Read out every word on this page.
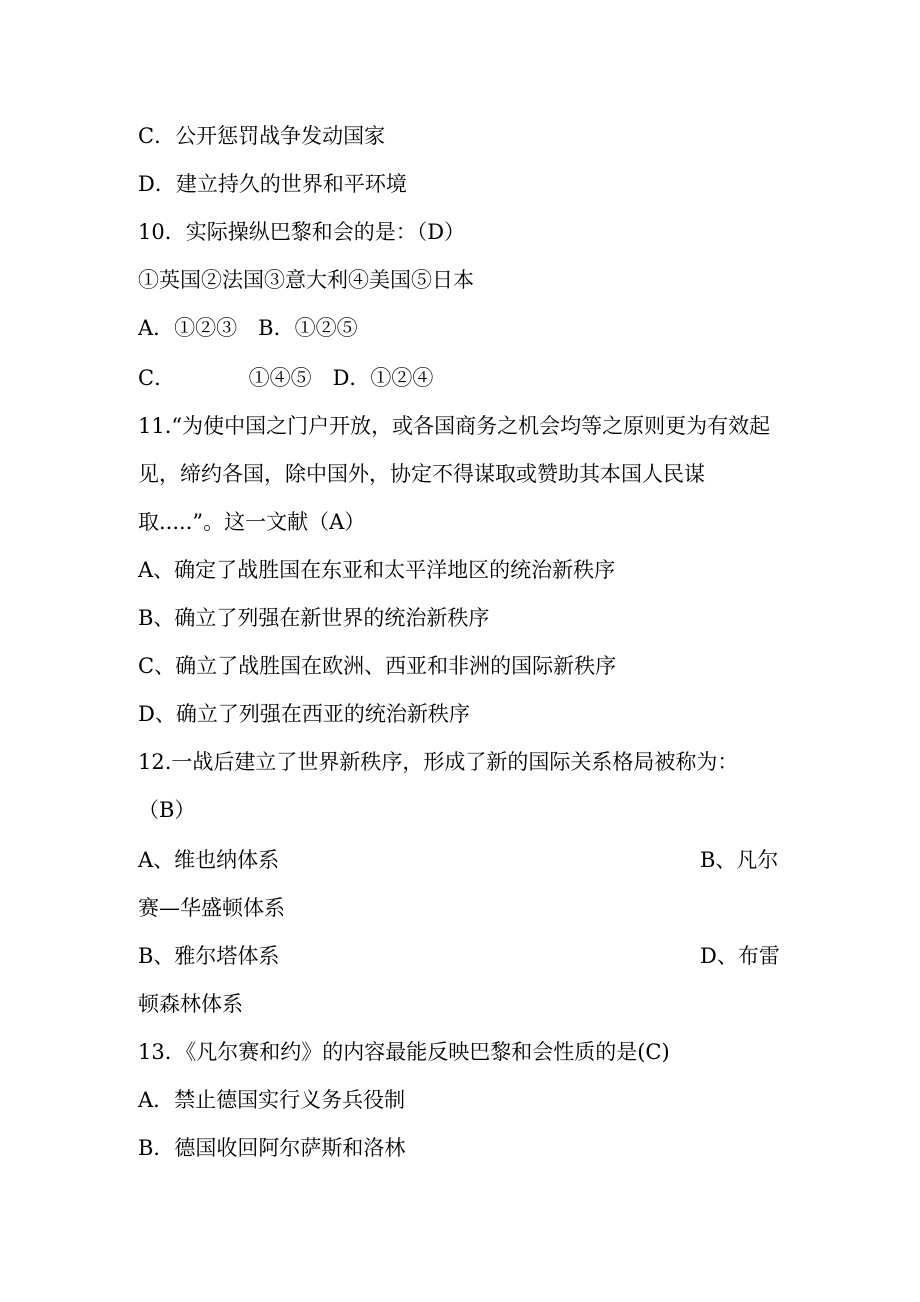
C．公开惩罚战争发动国家
D．建立持久的世界和平环境
10．实际操纵巴黎和会的是：（D）
①英国②法国③意大利④美国⑤日本
A．①②③　B．①②⑤
C．　　　　①④⑤　D．①②④
11.“为使中国之门户开放，或各国商务之机会均等之原则更为有效起
见，缔约各国，除中国外，协定不得谋取或赞助其本国人民谋
取.....”。这一文献（A）
A、确定了战胜国在东亚和太平洋地区的统治新秩序
B、确立了列强在新世界的统治新秩序
C、确立了战胜国在欧洲、西亚和非洲的国际新秩序
D、确立了列强在西亚的统治新秩序
12.一战后建立了世界新秩序，形成了新的国际关系格局被称为：
（B）
A、维也纳体系	B、凡尔
赛—华盛顿体系
B、雅尔塔体系	D、布雷
顿森林体系
13．《凡尔赛和约》的内容最能反映巴黎和会性质的是(C)
A．禁止德国实行义务兵役制
B．德国收回阿尔萨斯和洛林
